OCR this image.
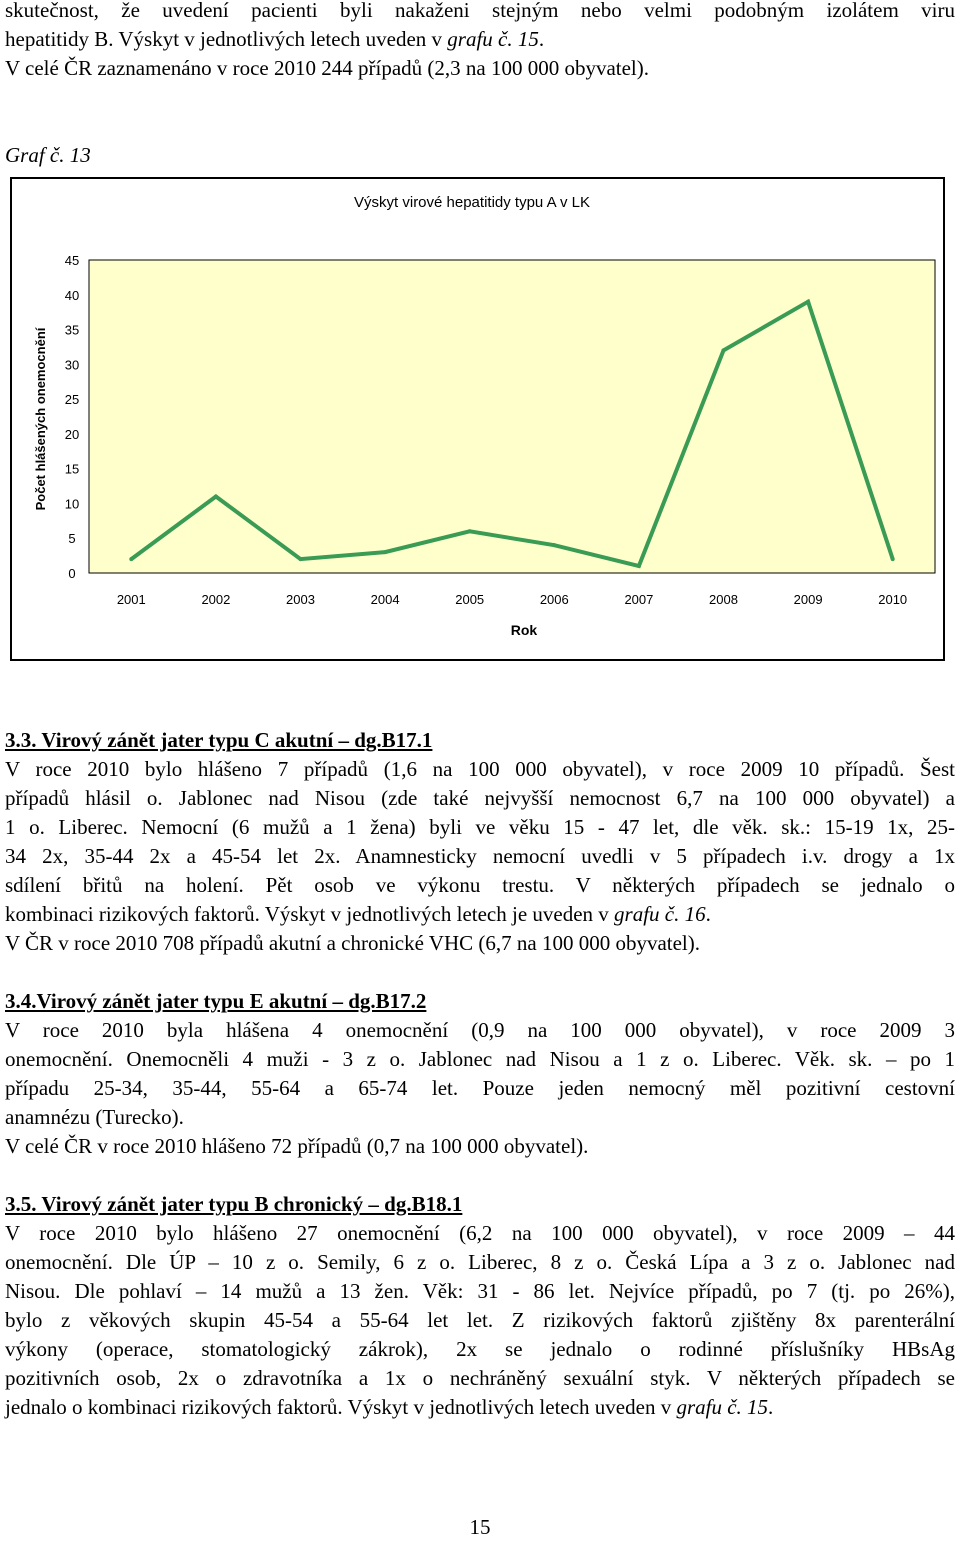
skutečnost, že uvedení pacienti byli nakaženi stejným nebo velmi podobným izolátem viru

hepatitidy B. Výskyt v jednotlivých letech uveden v grafu č. 15.

V celé ČR zaznamenáno v roce 2010 244 případů (2,3 na 100 000 obyvatel).

Graf č. 13
Výskyt virové hepatitidy typu A v LK
0
5
10
15
20
25
30
35
40
45
2001	2002	2003	2004	2005	2006	2007	2008	2009	2010
Rok
Počet hlášených onemocnění

3.3. Virový zánět jater typu C akutní – dg.B17.1

V roce 2010 bylo hlášeno 7 případů (1,6 na 100 000 obyvatel), v roce 2009 10 případů. Šest

případů hlásil o. Jablonec nad Nisou (zde také nejvyšší nemocnost 6,7 na 100 000 obyvatel) a

1 o. Liberec. Nemocní (6 mužů a 1 žena) byli ve věku 15 - 47 let, dle věk. sk.: 15-19 1x, 25-

34 2x, 35-44 2x a 45-54 let 2x. Anamnesticky nemocní uvedli v 5 případech i.v. drogy a 1x

sdílení břitů na holení. Pět osob ve výkonu trestu. V některých případech se jednalo o

kombinaci rizikových faktorů. Výskyt v jednotlivých letech je uveden v grafu č. 16.

V ČR v roce 2010 708 případů akutní a chronické VHC (6,7 na 100 000 obyvatel).

3.4.Virový zánět jater typu E akutní – dg.B17.2

V roce 2010 byla hlášena 4 onemocnění (0,9 na 100 000 obyvatel), v roce 2009 3

onemocnění. Onemocněli 4 muži - 3 z o. Jablonec nad Nisou a 1 z o. Liberec. Věk. sk. – po 1

případu 25-34, 35-44, 55-64 a 65-74 let. Pouze jeden nemocný měl pozitivní cestovní

anamnézu (Turecko).

V celé ČR v roce 2010 hlášeno 72 případů (0,7 na 100 000 obyvatel).

3.5. Virový zánět jater typu B chronický – dg.B18.1

V roce 2010 bylo hlášeno 27 onemocnění (6,2 na 100 000 obyvatel), v roce 2009 – 44

onemocnění. Dle ÚP – 10 z o. Semily, 6 z o. Liberec, 8 z o. Česká Lípa a 3 z o. Jablonec nad

Nisou. Dle pohlaví – 14 mužů a 13 žen. Věk: 31 - 86 let. Nejvíce případů, po 7 (tj. po 26%),

bylo z věkových skupin 45-54 a 55-64 let let. Z rizikových faktorů zjištěny 8x parenterální

výkony (operace, stomatologický zákrok), 2x se jednalo o rodinné příslušníky HBsAg

pozitivních osob, 2x o zdravotníka a 1x o nechráněný sexuální styk. V některých případech se

jednalo o kombinaci rizikových faktorů. Výskyt v jednotlivých letech uveden v grafu č. 15.

15
